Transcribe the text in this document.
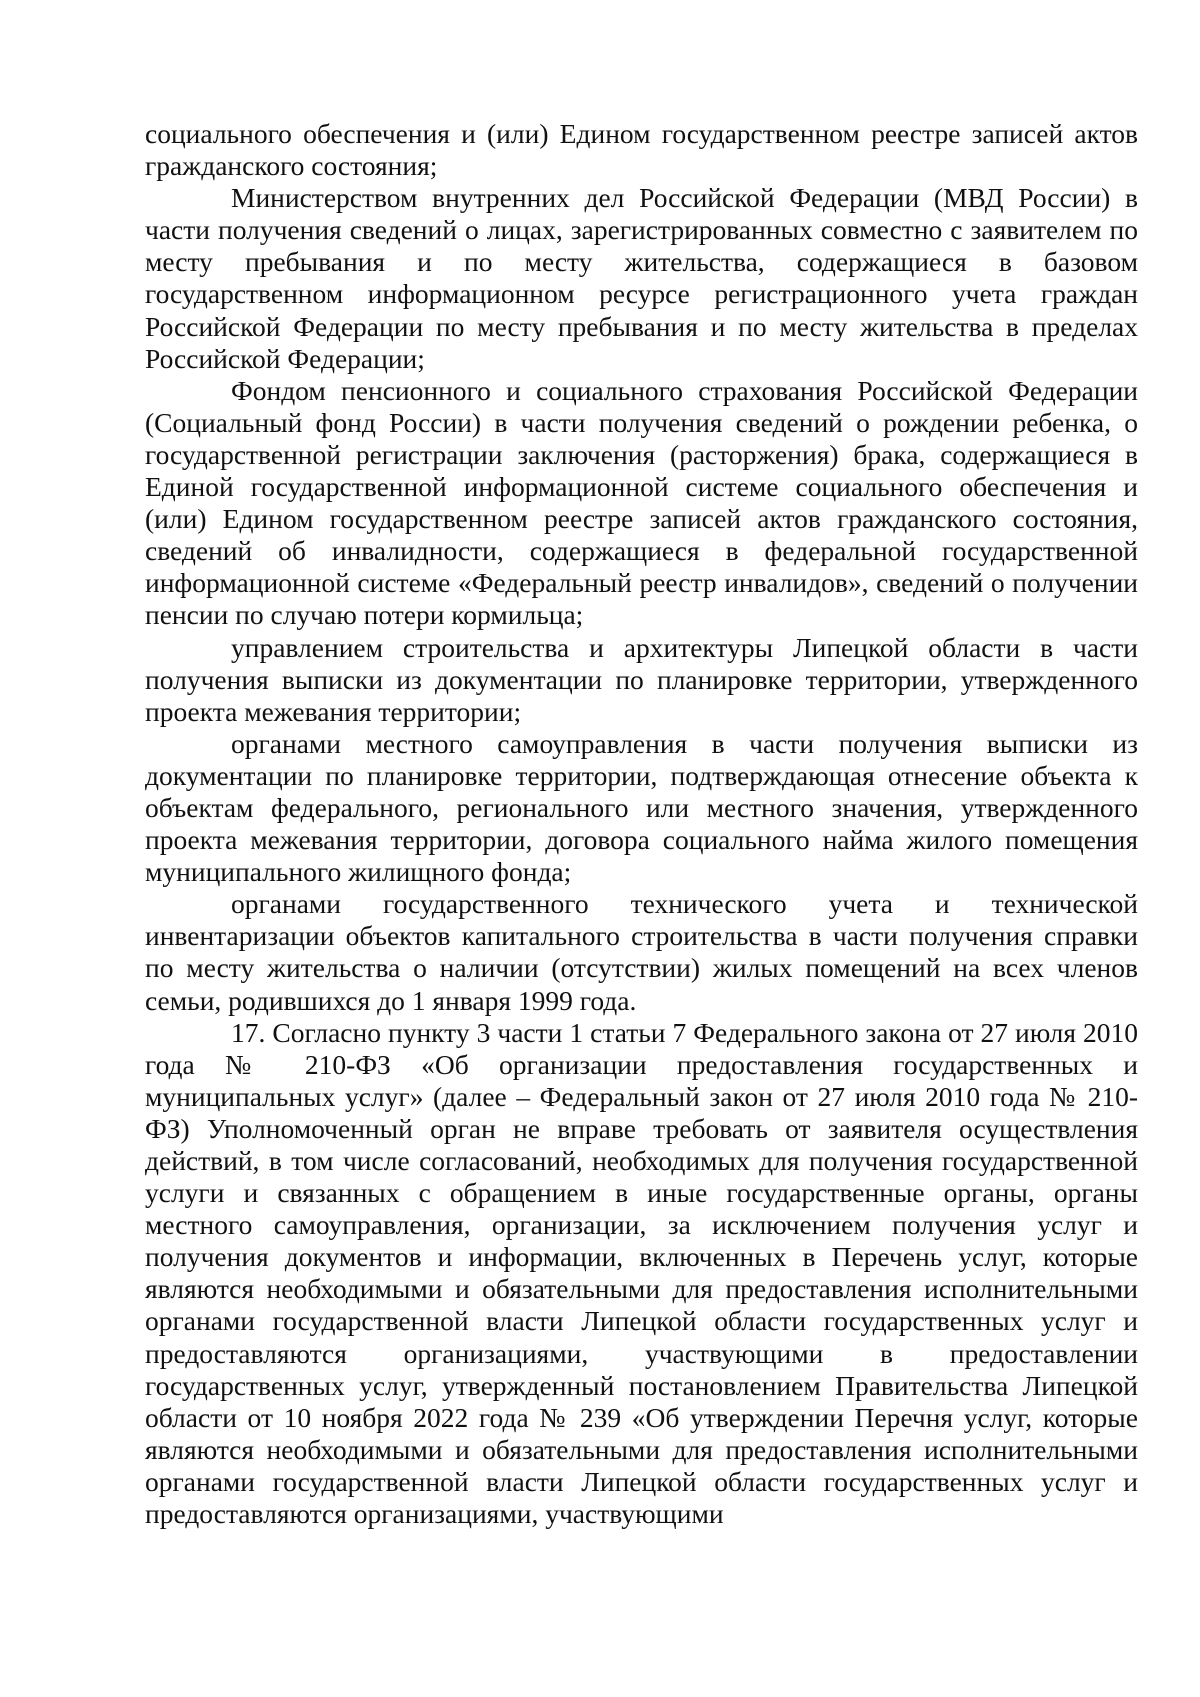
социального обеспечения и (или) Едином государственном реестре записей актов гражданского состояния;

Министерством внутренних дел Российской Федерации (МВД России) в части получения сведений о лицах, зарегистрированных совместно с заявителем по месту пребывания и по месту жительства, содержащиеся в базовом государственном информационном ресурсе регистрационного учета граждан Российской Федерации по месту пребывания и по месту жительства в пределах Российской Федерации;

Фондом пенсионного и социального страхования Российской Федерации (Социальный фонд России) в части получения сведений о рождении ребенка, о государственной регистрации заключения (расторжения) брака, содержащиеся в Единой государственной информационной системе социального обеспечения и (или) Едином государственном реестре записей актов гражданского состояния, сведений об инвалидности, содержащиеся в федеральной государственной информационной системе «Федеральный реестр инвалидов», сведений о получении пенсии по случаю потери кормильца;

управлением строительства и архитектуры Липецкой области в части получения выписки из документации по планировке территории, утвержденного проекта межевания территории;

органами местного самоуправления в части получения выписки из документации по планировке территории, подтверждающая отнесение объекта к объектам федерального, регионального или местного значения, утвержденного проекта межевания территории, договора социального найма жилого помещения муниципального жилищного фонда;

органами государственного технического учета и технической инвентаризации объектов капитального строительства в части получения справки по месту жительства о наличии (отсутствии) жилых помещений на всех членов семьи, родившихся до 1 января 1999 года.

17. Согласно пункту 3 части 1 статьи 7 Федерального закона от 27 июля 2010 года № 210-ФЗ «Об организации предоставления государственных и муниципальных услуг» (далее – Федеральный закон от 27 июля 2010 года № 210-ФЗ) Уполномоченный орган не вправе требовать от заявителя осуществления действий, в том числе согласований, необходимых для получения государственной услуги и связанных с обращением в иные государственные органы, органы местного самоуправления, организации, за исключением получения услуг и получения документов и информации, включенных в Перечень услуг, которые являются необходимыми и обязательными для предоставления исполнительными органами государственной власти Липецкой области государственных услуг и предоставляются организациями, участвующими в предоставлении государственных услуг, утвержденный постановлением Правительства Липецкой области от 10 ноября 2022 года № 239 «Об утверждении Перечня услуг, которые являются необходимыми и обязательными для предоставления исполнительными органами государственной власти Липецкой области государственных услуг и предоставляются организациями, участвующими
